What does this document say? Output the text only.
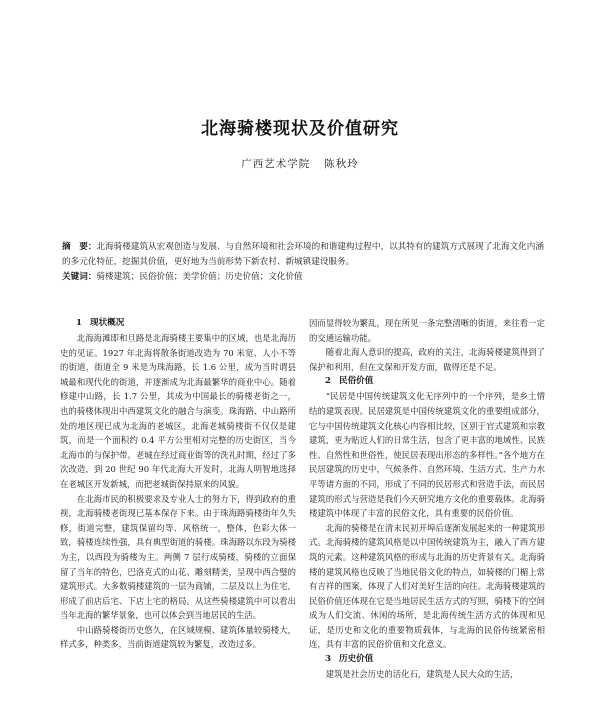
北海骑楼现状及价值研究
广西艺术学院 陈秋玲
摘　要：北海骑楼建筑从宏观创造与发展、与自然环境和社会环境的和谐建构过程中，以其特有的建筑方式展现了北海文化内涵的多元化特征，挖掘其价值，更好地为当前形势下新农村、新城镇建设服务。
关键词：骑楼建筑；民俗价值；美学价值；历史价值；文化价值
1 现状概况

北海海滩即和旦路是北海骑楼主要集中的区域，也是北海历史的见证。1927 年北海将散条街道改造为 70 米宽、人小不等的街道，街道全 9 米是为珠海路，长 1.6 公里，成为当时谓县城最和现代化的街道，并逐渐成为北海最繁华的商业中心。随着修建中山路，长 1.7 公里，其成为中国最长的骑楼老街之一，也的骑楼体现出中西建筑文化的融合与演变。珠海路、中山路所处的地区现已成为北海的老城区，北海老城骑楼街不仅仅是建筑，而是一个面积约 0.4 平方公里相对完整的历史街区，当今北海市的与保护带。老城在经过商业街等的洗礼时期，经过了多次改造，到 20 世纪 90 年代北海大开发时，北海人明智地选择在老城区开发新城，而把老城街保持原来的风貌。

在北海市民的积极要求及专业人士的努力下，得到政府的重视，北海骑楼老街现已基本保存下来。由于珠海路骑楼街年久失修，街道完整，建筑保留均等、风格统一，整体，色彩大体一致，骑楼连续性强，具有典型街道的骑楼。珠海路以东段为骑楼为主，以西段为骑楼为主。两侧 7 层行成骑楼，骑楼的立面保留了当年的特色，巴洛克式的山花、雕刻精美，呈现中西合璧的建筑形式。大多数骑楼建筑的一层为商铺，二层及以上为住宅，形成了前店后宅、下店上宅的格局。从这些骑楼建筑中可以看出当年北海的繁华景象，也可以体会到当地居民的生活。

中山路骑楼街历史悠久，在区域规模、建筑体量较骑楼大，样式多，种类多，当前街道建筑较为繁复，改造过多。

因而显得较为繁乱，现在所见一条完整清晰的街道，来往看一定的交通运输功能。

随着北海人意识的提高，政府的关注，北海骑楼建筑得到了保护和利用，但在文保和开发方面，做得还是不足。

2 民俗价值

“民居是中国传统建筑文化无序列中的一个序列，是乡土情结的建筑表现。民居建筑是中国传统建筑文化的重要组成部分，它与中国传统建筑文化核心内容相比较，区别于官式建筑和宗教建筑，更为贴近人们的日常生活，包含了更丰富的地域性、民族性、自然性和世俗性，使民居表现出形态的多样性。”各个地方在民居建筑的历史中，气候条件、自然环境、生活方式、生产力水平等诸方面的不同，形成了不同的民居形式和营造手法，而民居建筑的形式与营造是我们今天研究地方文化的重要载体。北海骑楼建筑中体现了丰富的民俗文化，具有重要的民俗价值。

北海的骑楼是在清末民初开埠后逐渐发展起来的一种建筑形式。北海骑楼的建筑风格是以中国传统建筑为主，融入了西方建筑的元素。这种建筑风格的形成与北海的历史背景有关。北海骑楼的建筑风格也反映了当地民俗文化的特点，如骑楼的门楣上常有吉祥的图案，体现了人们对美好生活的向往。北海骑楼建筑的民俗价值还体现在它是当地居民生活方式的写照，骑楼下的空间成为人们交流、休闲的场所，是北海传统生活方式的体现和见证，是历史和文化的重要物质载体，与北海的民俗传统紧密相连，具有丰富的民俗价值和文化意义。

3 历史价值

建筑是社会历史的活化石，建筑是人民大众的生活，
